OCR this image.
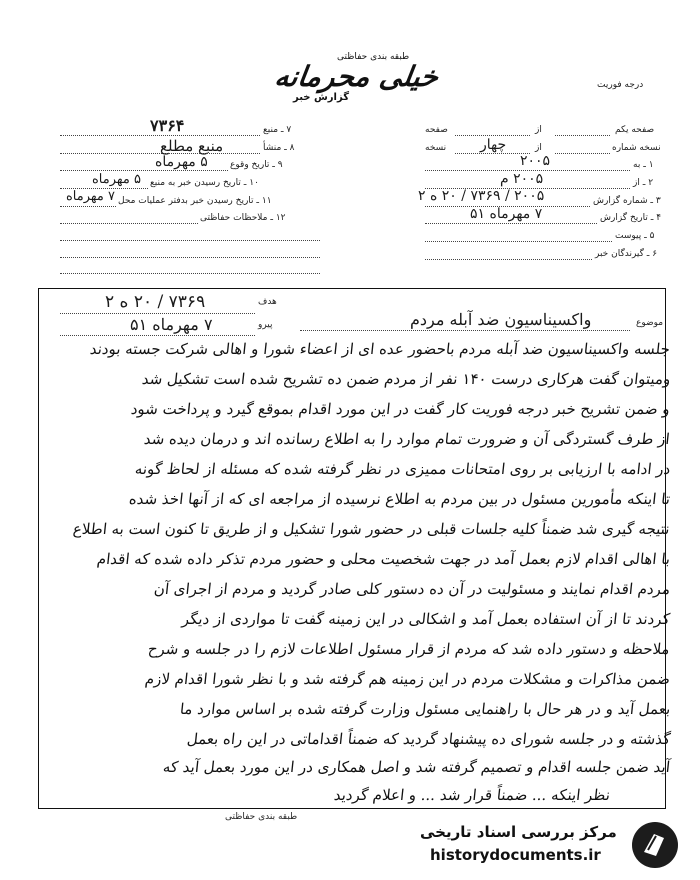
طبقه بندی حفاظتی
خیلی محرمانه
گزارش خبر
درجه فوریت
۷ ـ منبع
۷۳۶۴
۸ ـ منشأ
منبع مطلع
۹ ـ تاریخ وقوع
۵ مهرماه
۱۰ ـ تاریخ رسیدن خبر به منبع
۵ مهرماه
۱۱ ـ تاریخ رسیدن خبر بدفتر عملیات محل
۷ مهرماه
۱۲ ـ ملاحظات حفاظتی
صفحه یکم
از
صفحه
نسخه شماره
از
چهار
نسخه
۱ ـ به
۲۰۰۵
۲ ـ از
۲۰۰۵ م
۳ ـ شماره گزارش
۲۰۰۵ / ۷۳۶۹ / ۲۰ ه ۲
۴ ـ تاریخ گزارش
۷ مهرماه ۵۱
۵ ـ پیوست
۶ ـ گیرندگان خبر
موضوع
واکسیناسیون ضد آبله مردم
هدف
پیرو
۷۳۶۹ / ۲۰ ه ۲
۷ مهرماه ۵۱
جلسه واکسیناسیون ضد آبله مردم باحضور عده ای از اعضاء شورا و اهالی شرکت جسته بودند
ومیتوان گفت هرکاری درست ۱۴۰ نفر از مردم ضمن ده تشریح شده است تشکیل شد
و ضمن تشریح خبر درجه فوریت کار گفت در این مورد اقدام بموقع گیرد و پرداخت شود
از طرف گستردگی آن و ضرورت تمام موارد را به اطلاع رسانده اند و درمان دیده شد
در ادامه با ارزیابی بر روی امتحانات ممیزی در نظر گرفته شده که مسئله از لحاظ گونه
تا اینکه مأمورین مسئول در بین مردم به اطلاع نرسیده از مراجعه ای که از آنها اخذ شده
نتیجه گیری شد ضمناً کلیه جلسات قبلی در حضور شورا تشکیل و از طریق تا کنون است به اطلاع
با اهالی اقدام لازم بعمل آمد در جهت شخصیت محلی و حضور مردم تذکر داده شده که اقدام
مردم اقدام نمایند و مسئولیت در آن ده دستور کلی صادر گردید و مردم از اجرای آن
کردند تا از آن استفاده بعمل آمد و اشکالی در این زمینه گفت تا مواردی از دیگر
ملاحظه و دستور داده شد که مردم از قرار مسئول اطلاعات لازم را در جلسه و شرح
ضمن مذاکرات و مشکلات مردم در این زمینه هم گرفته شد و با نظر شورا اقدام لازم
بعمل آید و در هر حال با راهنمایی مسئول وزارت گرفته شده بر اساس موارد ما
گذشته و در جلسه شورای ده پیشنهاد گردید که ضمناً اقداماتی در این راه بعمل
آید ضمن جلسه اقدام و تصمیم گرفته شد و اصل همکاری در این مورد بعمل آید که
نظر اینکه ... ضمناً قرار شد ... و اعلام گردید
طبقه بندی حفاظتی
مرکز بررسی اسناد تاریخی
historydocuments.ir
